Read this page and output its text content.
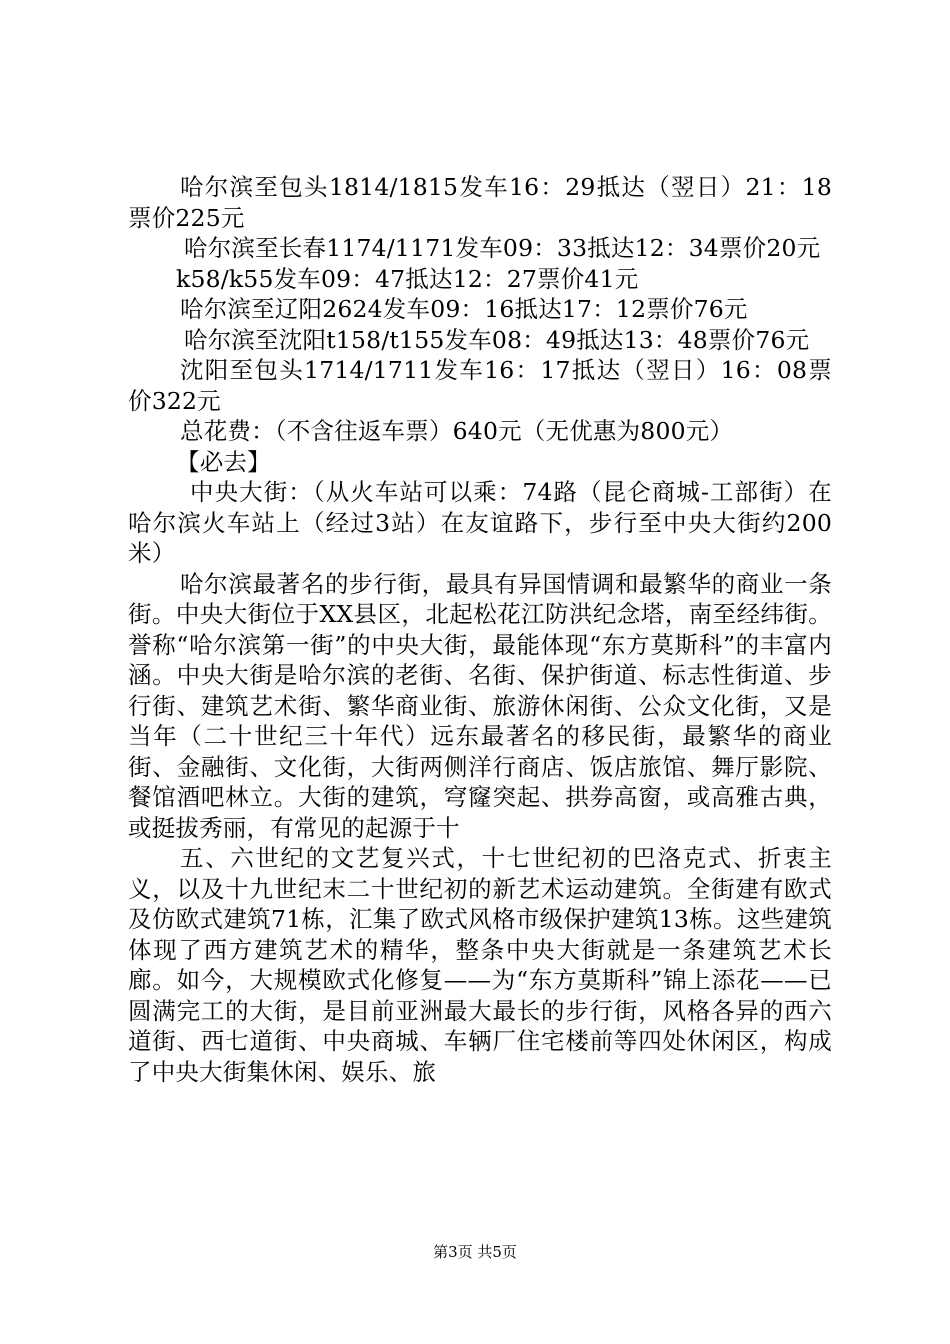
哈尔滨至包头1814/1815发车16：29抵达（翌日）21：18票价225元

哈尔滨至长春1174/1171发车09：33抵达12：34票价20元

k58/k55发车09：47抵达12：27票价41元

哈尔滨至辽阳2624发车09：16抵达17：12票价76元

哈尔滨至沈阳t158/t155发车08：49抵达13：48票价76元

沈阳至包头1714/1711发车16：17抵达（翌日）16：08票价322元

总花费：（不含往返车票）640元（无优惠为800元）

【必去】

中央大街：（从火车站可以乘：74路（昆仑商城-工部街）在哈尔滨火车站上（经过3站）在友谊路下，步行至中央大街约200米）

哈尔滨最著名的步行街，最具有异国情调和最繁华的商业一条街。中央大街位于XX县区，北起松花江防洪纪念塔，南至经纬街。誉称“哈尔滨第一街”的中央大街，最能体现“东方莫斯科”的丰富内涵。中央大街是哈尔滨的老街、名街、保护街道、标志性街道、步行街、建筑艺术街、繁华商业街、旅游休闲街、公众文化街，又是当年（二十世纪三十年代）远东最著名的移民街，最繁华的商业街、金融街、文化街，大街两侧洋行商店、饭店旅馆、舞厅影院、餐馆酒吧林立。大街的建筑，穹窿突起、拱券高窗，或高雅古典，或挺拔秀丽，有常见的起源于十

五、六世纪的文艺复兴式，十七世纪初的巴洛克式、折衷主义，以及十九世纪末二十世纪初的新艺术运动建筑。全街建有欧式及仿欧式建筑71栋，汇集了欧式风格市级保护建筑13栋。这些建筑体现了西方建筑艺术的精华，整条中央大街就是一条建筑艺术长廊。如今，大规模欧式化修复——为“东方莫斯科”锦上添花——已圆满完工的大街，是目前亚洲最大最长的步行街，风格各异的西六道街、西七道街、中央商城、车辆厂住宅楼前等四处休闲区，构成了中央大街集休闲、娱乐、旅

第3页 共5页
